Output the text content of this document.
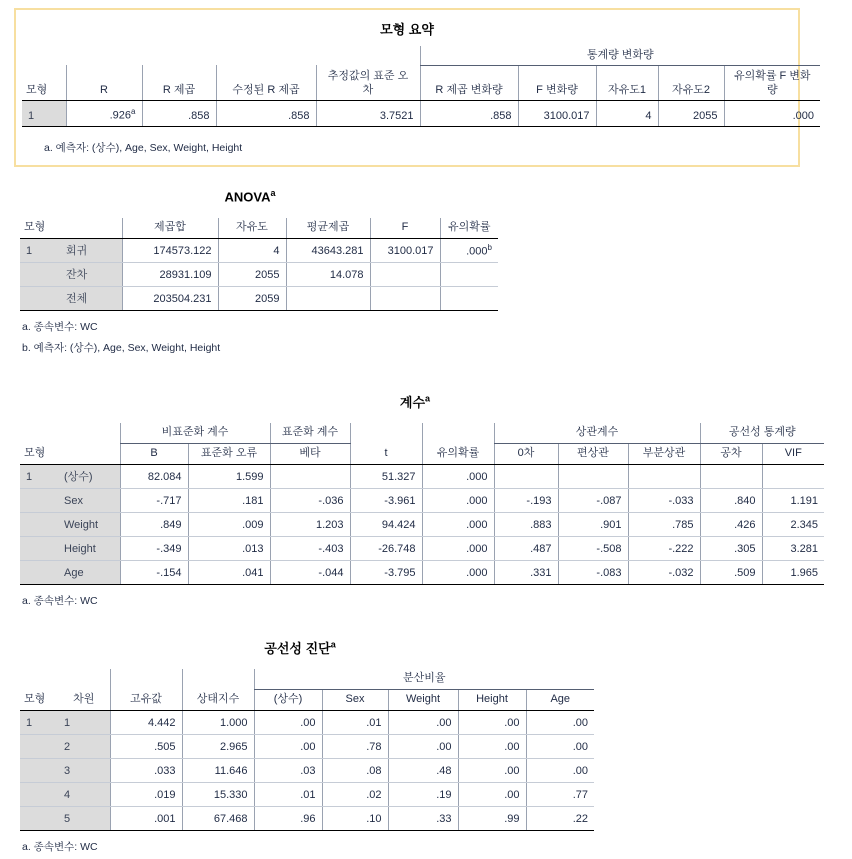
모형 요약
					통계량 변화량				
모형	R	R 제곱	수정된 R 제곱	추정값의 표준 오차	R 제곱 변화량	F 변화량	자유도1	자유도2	유의확률 F 변화량
1	.926$^a$	.858	.858	3.7521	.858	3100.017	4	2055	.000
a. 예측자: (상수), Age, Sex, Weight, Height
ANOVA$^a$
모형		제곱합	자유도	평균제곱	F	유의확률
1	회귀	174573.122	4	43643.281	3100.017	.000$^b$
	잔차	28931.109	2055	14.078		
	전체	203504.231	2059			
a. 종속변수: WC
b. 예측자: (상수), Age, Sex, Weight, Height
계수$^a$
		비표준화 계수		표준화 계수			상관계수			공선성 통계량	
모형		B	표준화 오류	베타	t	유의확률	0차	편상관	부분상관	공차	VIF
1	(상수)	82.084	1.599		51.327	.000					
	Sex	-.717	.181	-.036	-3.961	.000	-.193	-.087	-.033	.840	1.191
	Weight	.849	.009	1.203	94.424	.000	.883	.901	.785	.426	2.345
	Height	-.349	.013	-.403	-26.748	.000	.487	-.508	-.222	.305	3.281
	Age	-.154	.041	-.044	-3.795	.000	.331	-.083	-.032	.509	1.965
a. 종속변수: WC
공선성 진단$^a$
				분산비율				
모형	차원	고유값	상태지수	(상수)	Sex	Weight	Height	Age
1	1	4.442	1.000	.00	.01	.00	.00	.00
	2	.505	2.965	.00	.78	.00	.00	.00
	3	.033	11.646	.03	.08	.48	.00	.00
	4	.019	15.330	.01	.02	.19	.00	.77
	5	.001	67.468	.96	.10	.33	.99	.22
a. 종속변수: WC
